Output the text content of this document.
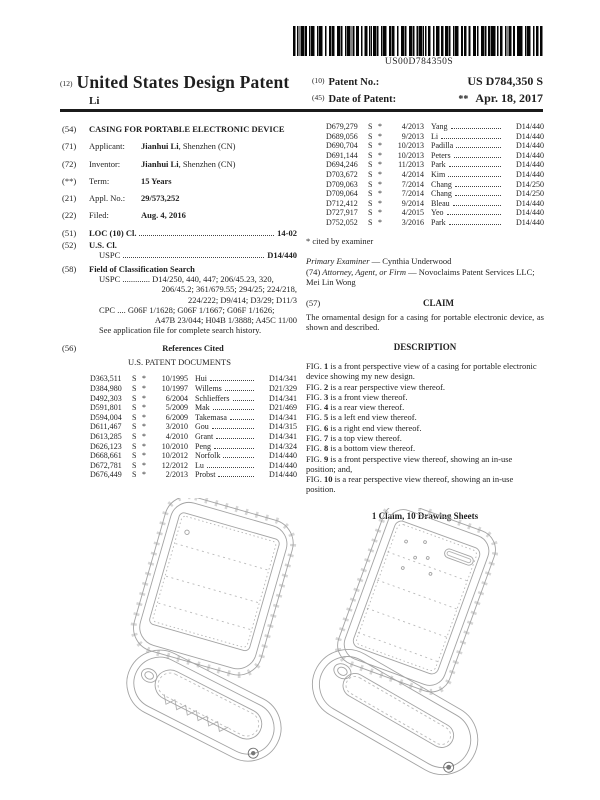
US00D784350S
(12) United States Design Patent
Li
(10) Patent No.:	US D784,350 S
(45) Date of Patent:	** Apr. 18, 2017
(54)	CASING FOR PORTABLE ELECTRONIC DEVICE
(71)	Applicant: Jianhui Li, Shenzhen (CN)
(72)	Inventor: Jianhui Li, Shenzhen (CN)
(**)	Term:	15 Years
(21)	Appl. No.: 29/573,252
(22)	Filed:	Aug. 4, 2016
(51)	LOC (10) Cl.	14-02
(52)	U.S. Cl.
USPC	D14/440
(58)	Field of Classification Search
USPC ............. D14/250, 440, 447; 206/45.23, 320,
206/45.2; 361/679.55; 294/25; 224/218,
224/222; D9/414; D3/29; D11/3
CPC .... G06F 1/1628; G06F 1/1667; G06F 1/1626;
A47B 23/044; H04B 1/3888; A45C 11/00
See application file for complete search history.
(56)	References Cited
U.S. PATENT DOCUMENTS
D363,511	S *	10/1995 Hui	D14/341
D384,980	S *	10/1997 Willems	D21/329
D492,303	S *	6/2004 Schlieffers	D14/341
D591,801	S *	5/2009 Mak	D21/469
D594,004	S *	6/2009 Takemasa	D14/341
D611,467	S *	3/2010 Gou	D14/315
D613,285	S *	4/2010 Grant	D14/341
D626,123	S *	10/2010 Peng	D14/324
D668,661	S *	10/2012 Norfolk	D14/440
D672,781	S *	12/2012 Lu	D14/440
D676,449	S *	2/2013 Probst	D14/440
D679,279	S *	4/2013 Yang	D14/440
D689,056	S *	9/2013 Li	D14/440
D690,704	S *	10/2013 Padilla	D14/440
D691,144	S *	10/2013 Peters	D14/440
D694,246	S *	11/2013 Park	D14/440
D703,672	S *	4/2014 Kim	D14/440
D709,063	S *	7/2014 Chang	D14/250
D709,064	S *	7/2014 Chang	D14/250
D712,412	S *	9/2014 Bleau	D14/440
D727,917	S *	4/2015 Yeo	D14/440
D752,052	S *	3/2016 Park	D14/440
* cited by examiner
Primary Examiner — Cynthia Underwood
(74) Attorney, Agent, or Firm — Novoclaims Patent Services LLC; Mei Lin Wong
(57)	CLAIM
The ornamental design for a casing for portable electronic device, as shown and described.
DESCRIPTION
FIG. 1 is a front perspective view of a casing for portable electronic device showing my new design.
FIG. 2 is a rear perspective view thereof.
FIG. 3 is a front view thereof.
FIG. 4 is a rear view thereof.
FIG. 5 is a left end view thereof.
FIG. 6 is a right end view thereof.
FIG. 7 is a top view thereof.
FIG. 8 is a bottom view thereof.
FIG. 9 is a front perspective view thereof, showing an in-use position; and,
FIG. 10 is a rear perspective view thereof, showing an in-use position.
1 Claim, 10 Drawing Sheets
